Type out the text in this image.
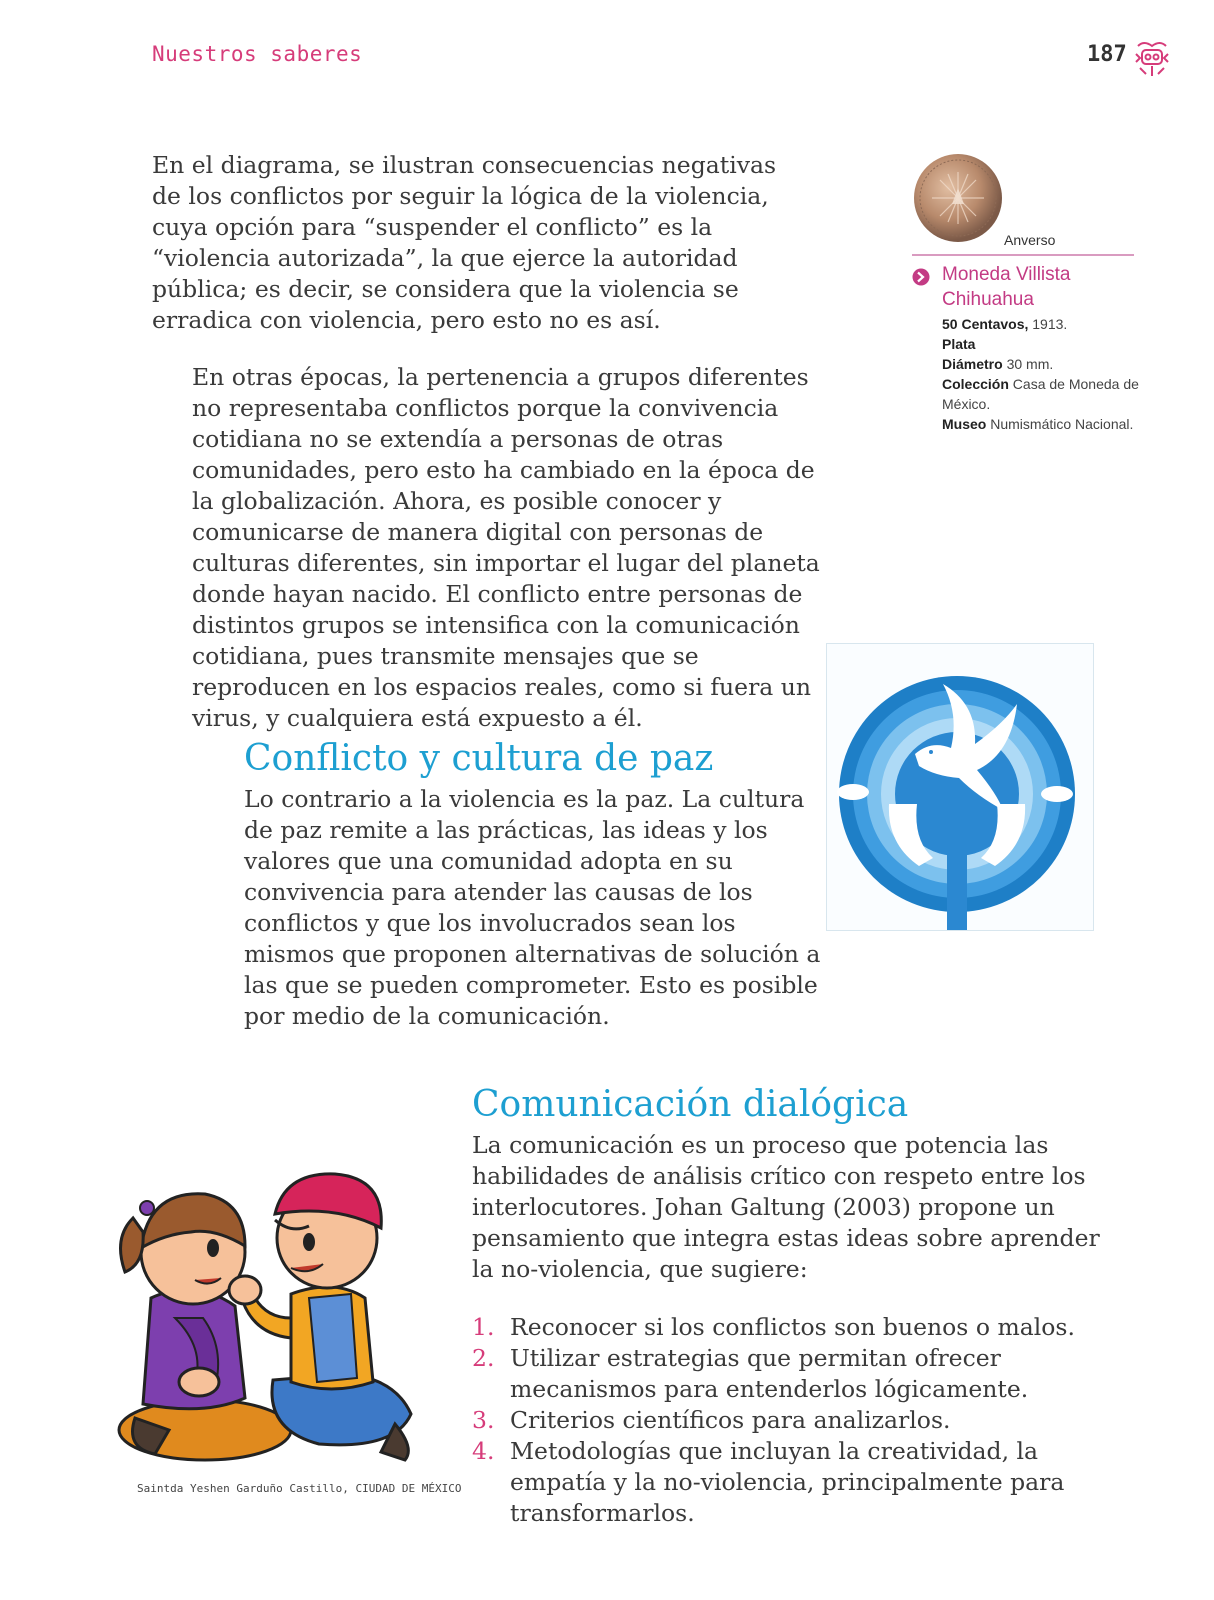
Nuestros saberes	187

En el diagrama, se ilustran consecuencias negativas de los conflictos por seguir la lógica de la violencia, cuya opción para “suspender el conflicto” es la “violencia autorizada”, la que ejerce la autoridad pública; es decir, se considera que la violencia se erradica con violencia, pero esto no es así.

En otras épocas, la pertenencia a grupos diferentes no representaba conflictos porque la convivencia cotidiana no se extendía a personas de otras comunidades, pero esto ha cambiado en la época de la globalización. Ahora, es posible conocer y comunicarse de manera digital con personas de culturas diferentes, sin importar el lugar del planeta donde hayan nacido. El conflicto entre personas de distintos grupos se intensifica con la comunicación cotidiana, pues transmite mensajes que se reproducen en los espacios reales, como si fuera un virus, y cualquiera está expuesto a él.

Anverso
Moneda Villista Chihuahua
50 Centavos, 1913.
Plata
Diámetro 30 mm.
Colección Casa de Moneda de México.
Museo Numismático Nacional.
Conflicto y cultura de paz

Lo contrario a la violencia es la paz. La cultura de paz remite a las prácticas, las ideas y los valores que una comunidad adopta en su convivencia para atender las causas de los conflictos y que los involucrados sean los mismos que proponen alternativas de solución a las que se pueden comprometer. Esto es posible por medio de la comunicación.

Comunicación dialógica

La comunicación es un proceso que potencia las habilidades de análisis crítico con respeto entre los interlocutores. Johan Galtung (2003) propone un pensamiento que integra estas ideas sobre aprender la no-violencia, que sugiere:

1. Reconocer si los conflictos son buenos o malos.
2. Utilizar estrategias que permitan ofrecer mecanismos para entenderlos lógicamente.
3. Criterios científicos para analizarlos.
4. Metodologías que incluyan la creatividad, la empatía y la no-violencia, principalmente para transformarlos.
Saintda Yeshen Garduño Castillo, CIUDAD DE MÉXICO
